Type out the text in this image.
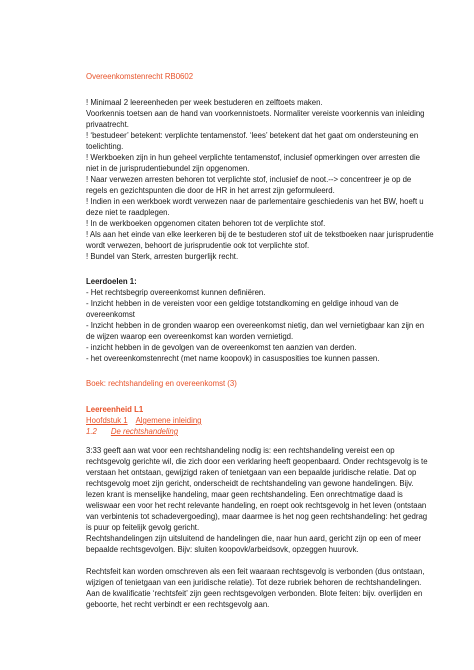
Overeenkomstenrecht RB0602

! Minimaal 2 leereenheden per week bestuderen en zelftoets maken.

Voorkennis toetsen aan de hand van voorkennistoets. Normaliter vereiste voorkennis van inleiding privaatrecht.

! ‘bestudeer’ betekent: verplichte tentamenstof. ‘lees’ betekent dat het gaat om ondersteuning en toelichting.

! Werkboeken zijn in hun geheel verplichte tentamenstof, inclusief opmerkingen over arresten die niet in de jurisprudentiebundel zijn opgenomen.

! Naar verwezen arresten behoren tot verplichte stof, inclusief de noot.--> concentreer je op de regels en gezichtspunten die door de HR in het arrest zijn geformuleerd.

! Indien in een werkboek wordt verwezen naar de parlementaire geschiedenis van het BW, hoeft u deze niet te raadplegen.

! In de werkboeken opgenomen citaten behoren tot de verplichte stof.

! Als aan het einde van elke leerkeren bij de te bestuderen stof uit de tekstboeken naar jurisprudentie wordt verwezen, behoort de jurisprudentie ook tot verplichte stof.

! Bundel van Sterk, arresten burgerlijk recht.

Leerdoelen 1:

- Het rechtsbegrip overeenkomst kunnen definiëren.

- Inzicht hebben in de vereisten voor een geldige totstandkoming en geldige inhoud van de overeenkomst

- Inzicht hebben in de gronden waarop een overeenkomst nietig, dan wel vernietigbaar kan zijn en de wijzen waarop een overeenkomst kan worden vernietigd.

- inzicht hebben in de gevolgen van de overeenkomst ten aanzien van derden.

- het overeenkomstenrecht (met name koopovk) in casusposities toe kunnen passen.

Boek: rechtshandeling en overeenkomst (3)

Leereenheid L1

Hoofdstuk 1 Algemene inleiding

1.2 De rechtshandeling

3:33 geeft aan wat voor een rechtshandeling nodig is: een rechtshandeling vereist een op rechtsgevolg gerichte wil, die zich door een verklaring heeft geopenbaard. Onder rechtsgevolg is te verstaan het ontstaan, gewijzigd raken of tenietgaan van een bepaalde juridische relatie. Dat op rechtsgevolg moet zijn gericht, onderscheidt de rechtshandeling van gewone handelingen. Bijv. lezen krant is menselijke handeling, maar geen rechtshandeling. Een onrechtmatige daad is weliswaar een voor het recht relevante handeling, en roept ook rechtsgevolg in het leven (ontstaan van verbintenis tot schadevergoeding), maar daarmee is het nog geen rechtshandeling: het gedrag is puur op feitelijk gevolg gericht.

Rechtshandelingen zijn uitsluitend de handelingen die, naar hun aard, gericht zijn op een of meer bepaalde rechtsgevolgen. Bijv: sluiten koopovk/arbeidsovk, opzeggen huurovk.

Rechtsfeit kan worden omschreven als een feit waaraan rechtsgevolg is verbonden (dus ontstaan, wijzigen of tenietgaan van een juridische relatie). Tot deze rubriek behoren de rechtshandelingen. Aan de kwalificatie ‘rechtsfeit’ zijn geen rechtsgevolgen verbonden. Blote feiten: bijv. overlijden en geboorte, het recht verbindt er een rechtsgevolg aan.
